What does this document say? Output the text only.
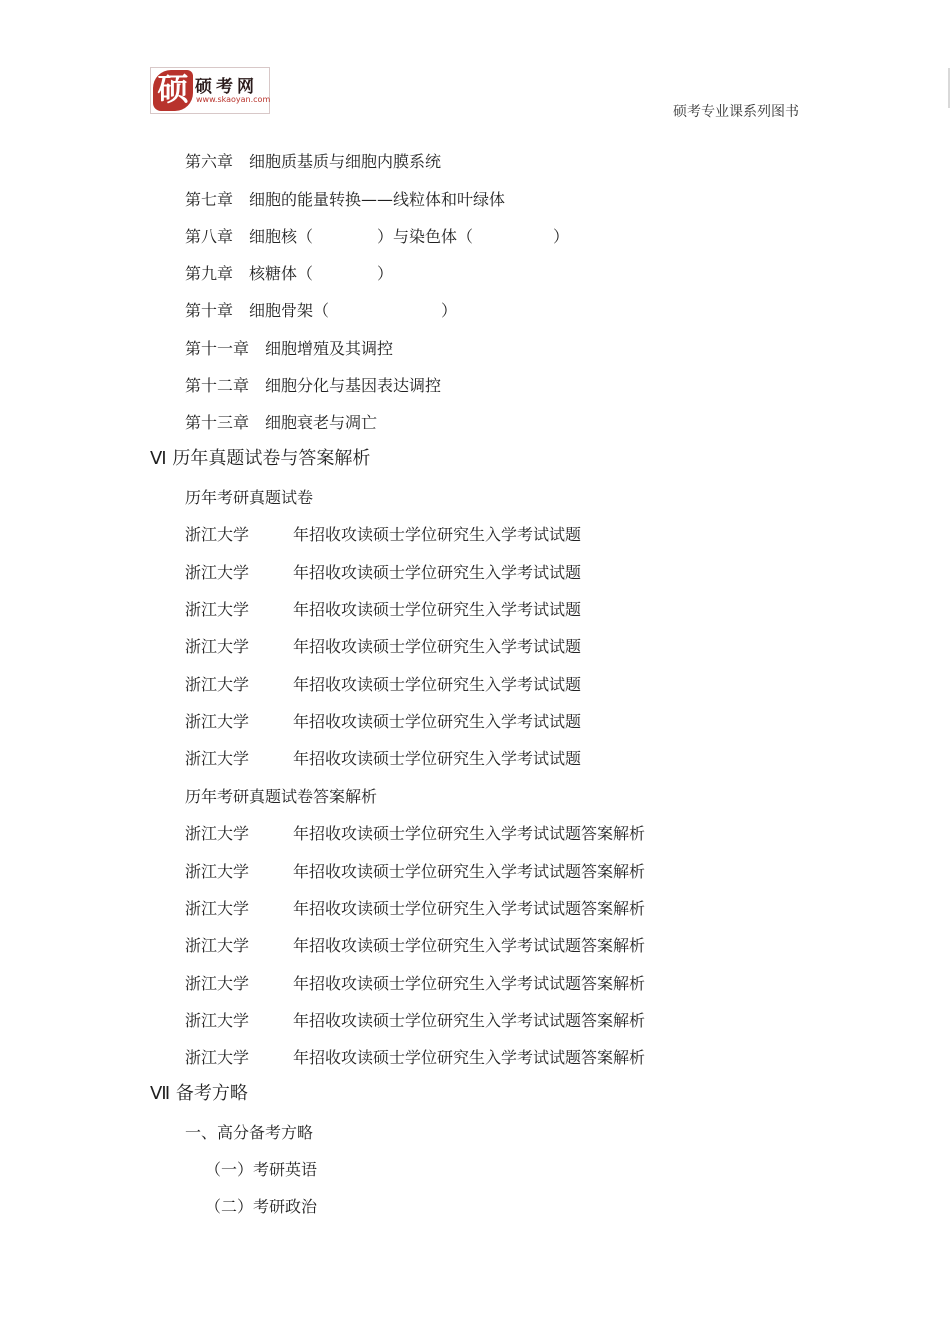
硕 硕考网
www.skaoyan.com
硕考专业课系列图书
第六章　细胞质基质与细胞内膜系统
第七章　细胞的能量转换——线粒体和叶绿体
第八章　细胞核（　　　　）与染色体（　　　　　）
第九章　核糖体（　　　　）
第十章　细胞骨架（　　　　　　　）
第十一章　细胞增殖及其调控
第十二章　细胞分化与基因表达调控
第十三章　细胞衰老与凋亡
Ⅵ 历年真题试卷与答案解析
历年考研真题试卷
浙江大学	年招收攻读硕士学位研究生入学考试试题
浙江大学	年招收攻读硕士学位研究生入学考试试题
浙江大学	年招收攻读硕士学位研究生入学考试试题
浙江大学	年招收攻读硕士学位研究生入学考试试题
浙江大学	年招收攻读硕士学位研究生入学考试试题
浙江大学	年招收攻读硕士学位研究生入学考试试题
浙江大学	年招收攻读硕士学位研究生入学考试试题
历年考研真题试卷答案解析
浙江大学	年招收攻读硕士学位研究生入学考试试题答案解析
浙江大学	年招收攻读硕士学位研究生入学考试试题答案解析
浙江大学	年招收攻读硕士学位研究生入学考试试题答案解析
浙江大学	年招收攻读硕士学位研究生入学考试试题答案解析
浙江大学	年招收攻读硕士学位研究生入学考试试题答案解析
浙江大学	年招收攻读硕士学位研究生入学考试试题答案解析
浙江大学	年招收攻读硕士学位研究生入学考试试题答案解析
Ⅶ 备考方略
一、高分备考方略
（一）考研英语
（二）考研政治
